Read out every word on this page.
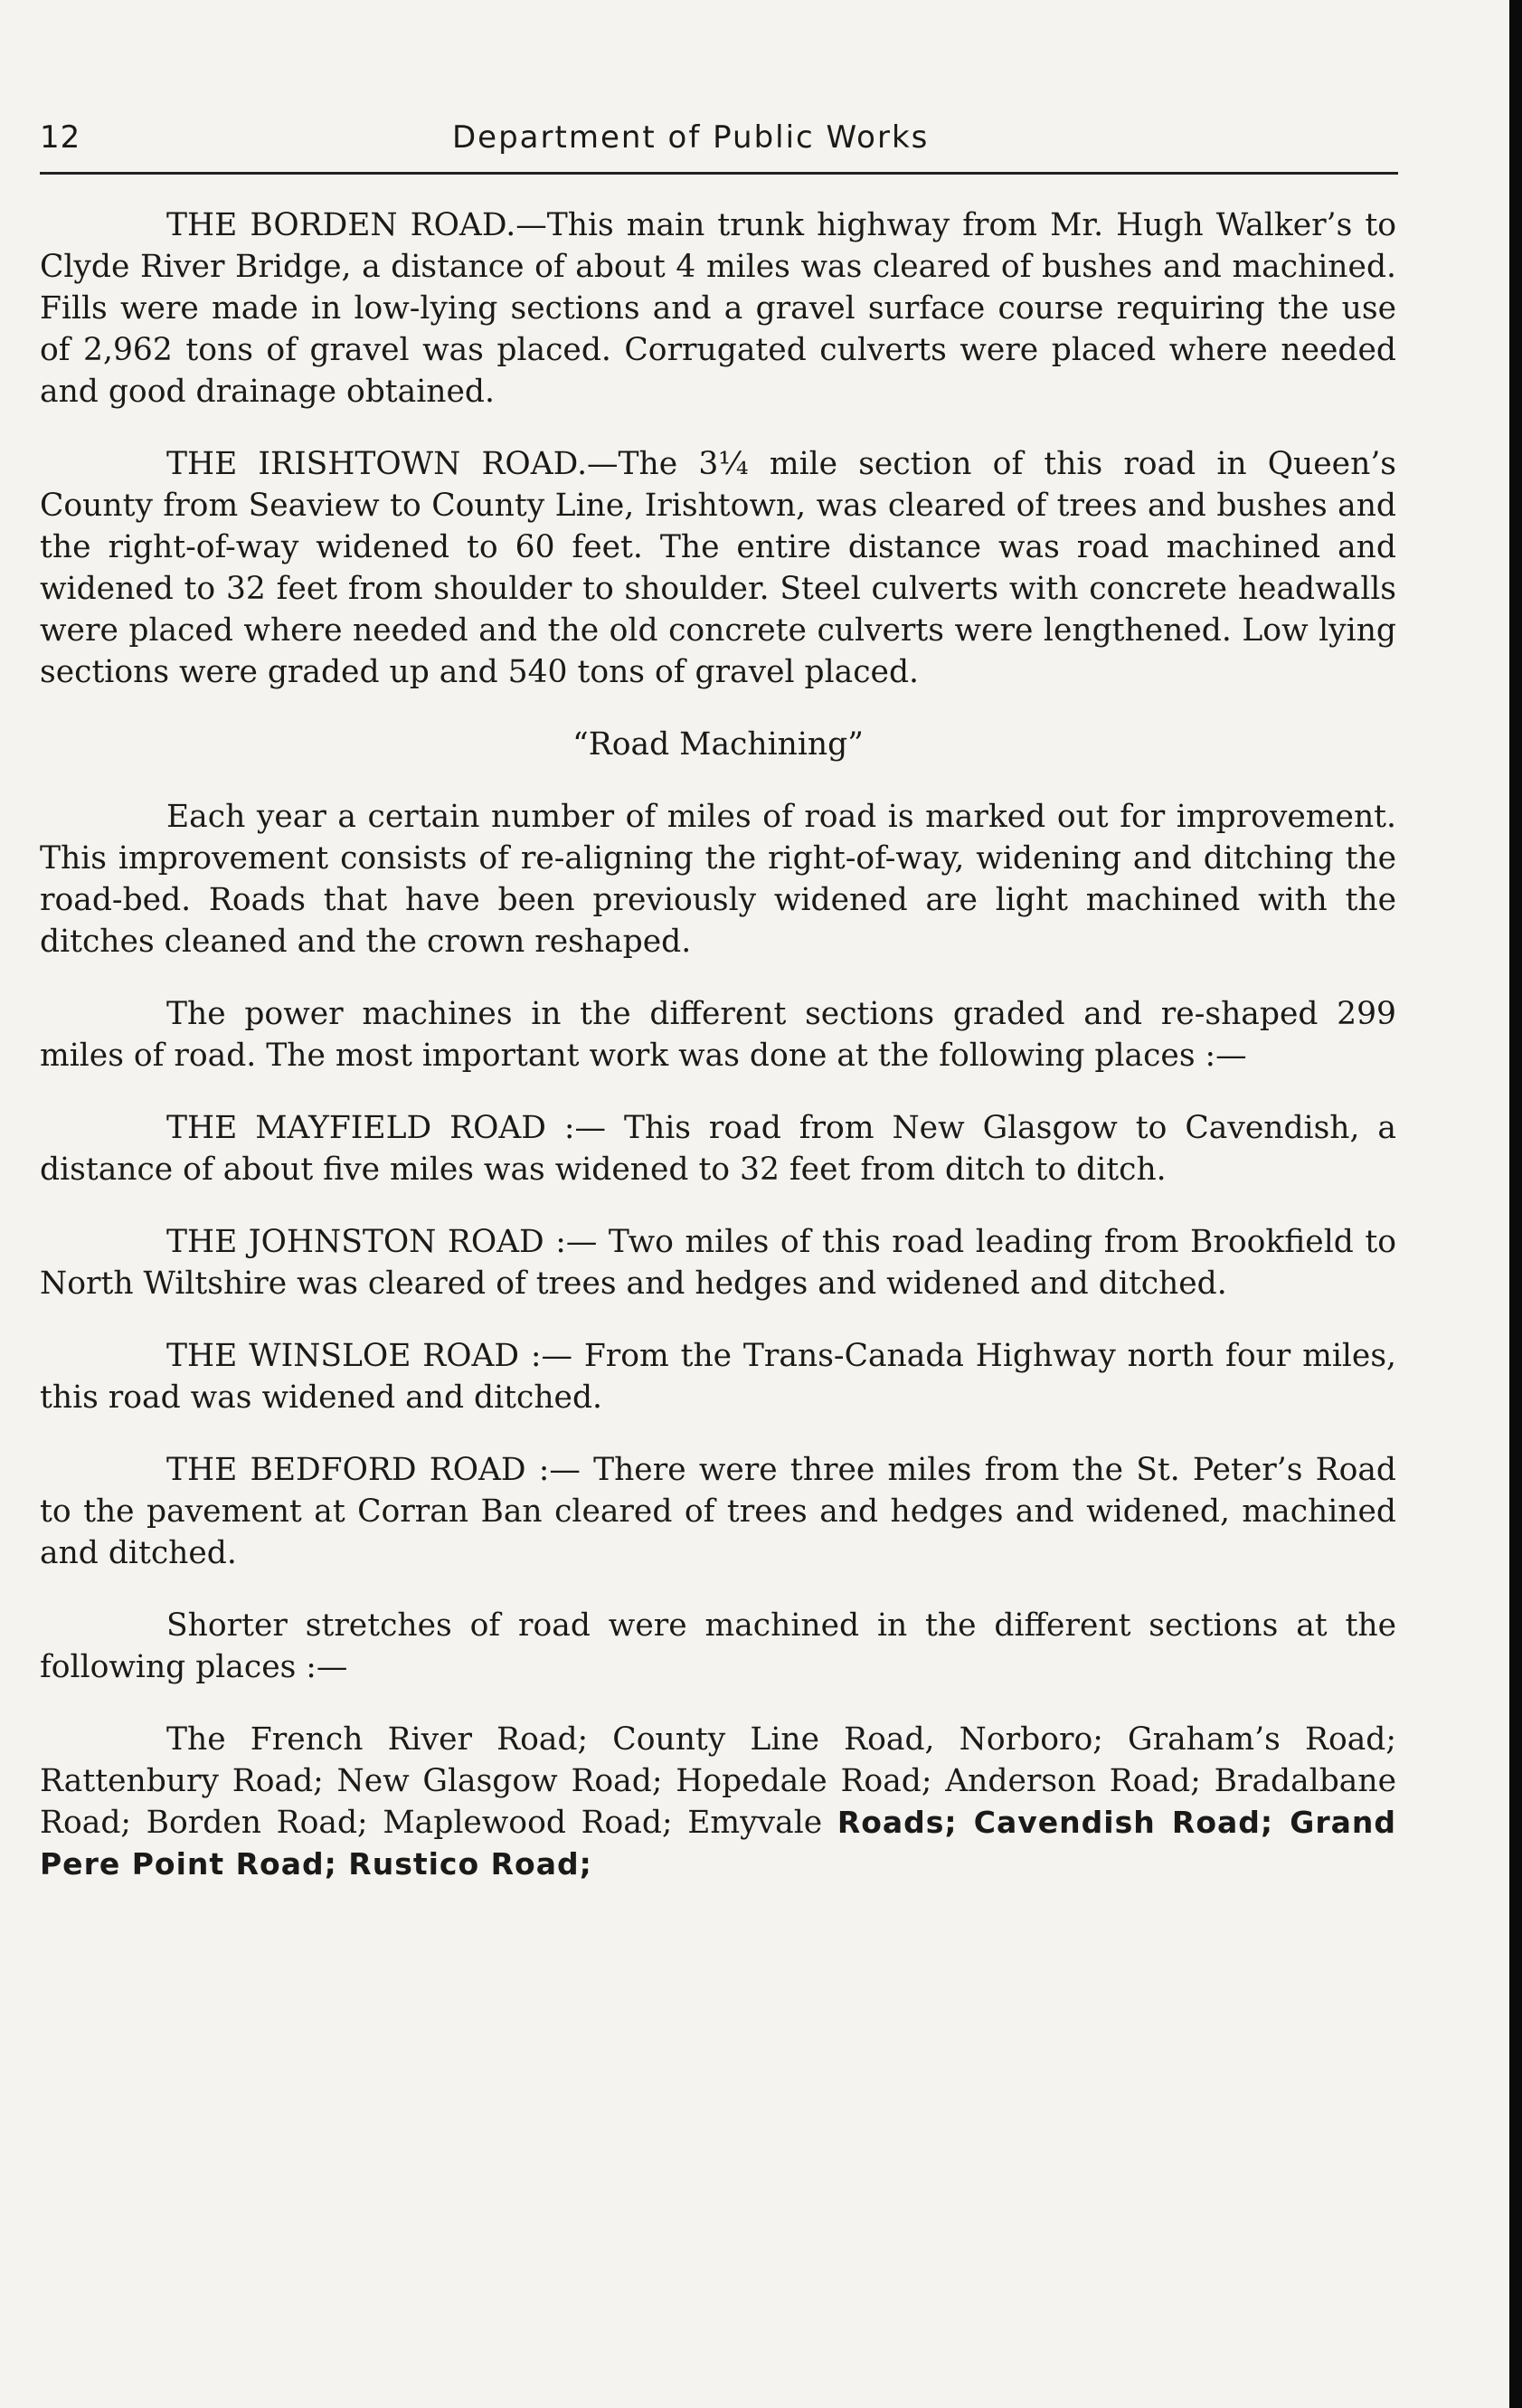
12	Department of Public Works

THE BORDEN ROAD.—This main trunk highway from Mr. Hugh Walker’s to Clyde River Bridge, a distance of about 4 miles was cleared of bushes and machined. Fills were made in low-lying sections and a gravel surface course requiring the use of 2,962 tons of gravel was placed. Corrugated culverts were placed where needed and good drainage obtained.

THE IRISHTOWN ROAD.—The 3¼ mile section of this road in Queen’s County from Seaview to County Line, Irishtown, was cleared of trees and bushes and the right-of-way widened to 60 feet. The entire distance was road machined and widened to 32 feet from shoulder to shoulder. Steel culverts with concrete headwalls were placed where needed and the old concrete culverts were lengthened. Low lying sections were graded up and 540 tons of gravel placed.

“Road Machining”

Each year a certain number of miles of road is marked out for improvement. This improvement consists of re-aligning the right-of-way, widening and ditching the road-bed. Roads that have been previously widened are light machined with the ditches cleaned and the crown reshaped.

The power machines in the different sections graded and re-shaped 299 miles of road. The most important work was done at the following places :—

THE MAYFIELD ROAD :— This road from New Glasgow to Cavendish, a distance of about five miles was widened to 32 feet from ditch to ditch.

THE JOHNSTON ROAD :— Two miles of this road leading from Brookfield to North Wiltshire was cleared of trees and hedges and widened and ditched.

THE WINSLOE ROAD :— From the Trans-Canada Highway north four miles, this road was widened and ditched.

THE BEDFORD ROAD :— There were three miles from the St. Peter’s Road to the pavement at Corran Ban cleared of trees and hedges and widened, machined and ditched.

Shorter stretches of road were machined in the different sections at the following places :—

The French River Road; County Line Road, Norboro; Graham’s Road; Rattenbury Road; New Glasgow Road; Hopedale Road; Anderson Road; Bradalbane Road; Borden Road; Maplewood Road; Emyvale Roads; Cavendish Road; Grand Pere Point Road; Rustico Road;
